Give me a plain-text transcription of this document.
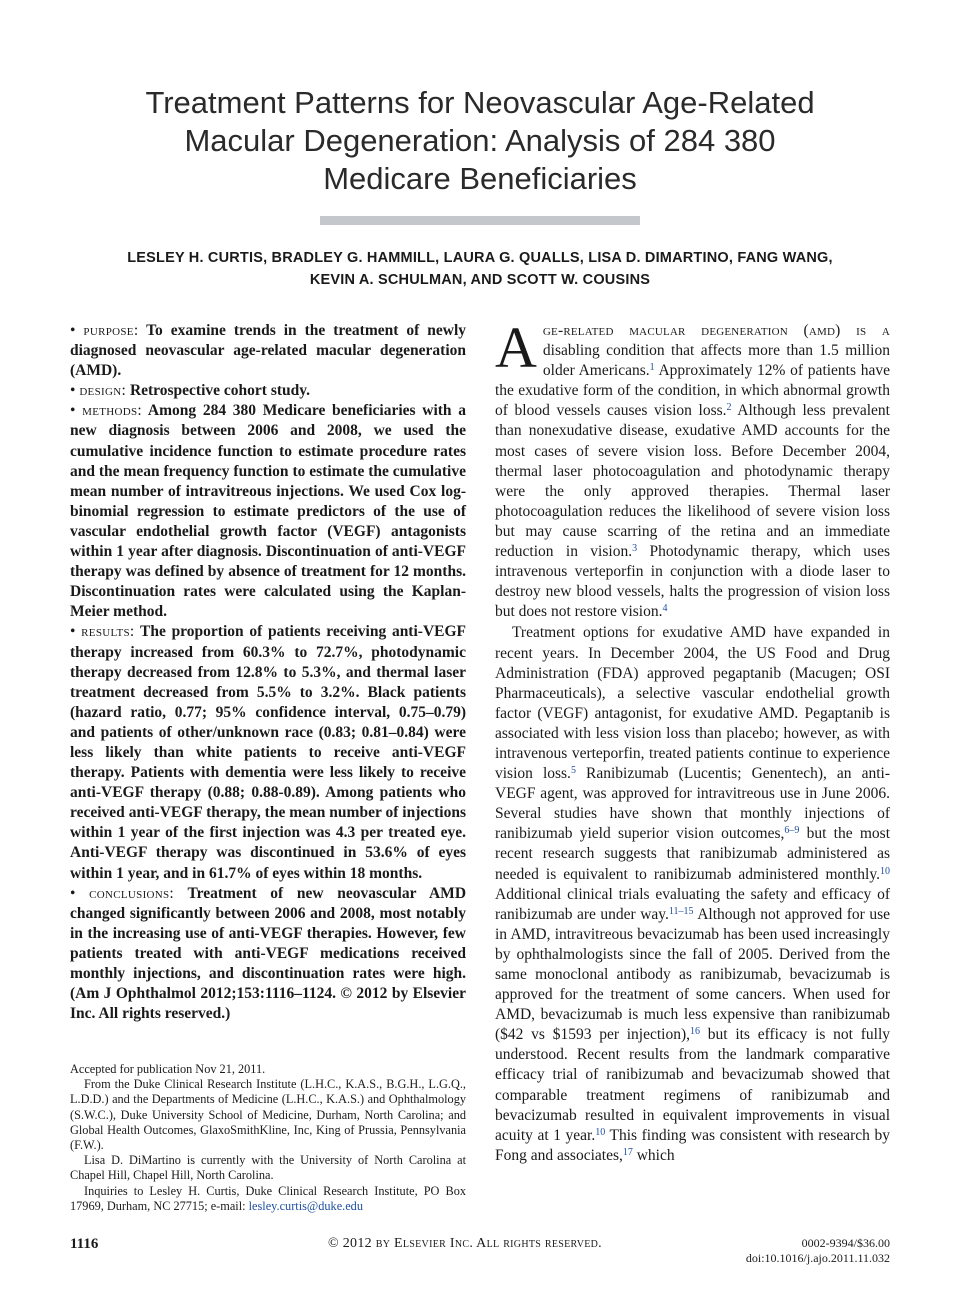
Treatment Patterns for Neovascular Age-Related
Macular Degeneration: Analysis of 284 380
Medicare Beneficiaries
LESLEY H. CURTIS, BRADLEY G. HAMMILL, LAURA G. QUALLS, LISA D. DIMARTINO, FANG WANG,
KEVIN A. SCHULMAN, AND SCOTT W. COUSINS

• purpose: To examine trends in the treatment of newly diagnosed neovascular age-related macular degeneration (AMD).

• design: Retrospective cohort study.

• methods: Among 284 380 Medicare beneficiaries with a new diagnosis between 2006 and 2008, we used the cumulative incidence function to estimate procedure rates and the mean frequency function to estimate the cumulative mean number of intravitreous injections. We used Cox log-binomial regression to estimate predictors of the use of vascular endothelial growth factor (VEGF) antagonists within 1 year after diagnosis. Discontinuation of anti-VEGF therapy was defined by absence of treatment for 12 months. Discontinuation rates were calculated using the Kaplan-Meier method.

• results: The proportion of patients receiving anti-VEGF therapy increased from 60.3% to 72.7%, photodynamic therapy decreased from 12.8% to 5.3%, and thermal laser treatment decreased from 5.5% to 3.2%. Black patients (hazard ratio, 0.77; 95% confidence interval, 0.75–0.79) and patients of other/unknown race (0.83; 0.81–0.84) were less likely than white patients to receive anti-VEGF therapy. Patients with dementia were less likely to receive anti-VEGF therapy (0.88; 0.88-0.89). Among patients who received anti-VEGF therapy, the mean number of injections within 1 year of the first injection was 4.3 per treated eye. Anti-VEGF therapy was discontinued in 53.6% of eyes within 1 year, and in 61.7% of eyes within 18 months.

• conclusions: Treatment of new neovascular AMD changed significantly between 2006 and 2008, most notably in the increasing use of anti-VEGF therapies. However, few patients treated with anti-VEGF medications received monthly injections, and discontinuation rates were high. (Am J Ophthalmol 2012;153:1116–1124. © 2012 by Elsevier Inc. All rights reserved.)

Accepted for publication Nov 21, 2011.

From the Duke Clinical Research Institute (L.H.C., K.A.S., B.G.H., L.G.Q., L.D.D.) and the Departments of Medicine (L.H.C., K.A.S.) and Ophthalmology (S.W.C.), Duke University School of Medicine, Durham, North Carolina; and Global Health Outcomes, GlaxoSmithKline, Inc, King of Prussia, Pennsylvania (F.W.).

Lisa D. DiMartino is currently with the University of North Carolina at Chapel Hill, Chapel Hill, North Carolina.

Inquiries to Lesley H. Curtis, Duke Clinical Research Institute, PO Box 17969, Durham, NC 27715; e-mail: lesley.curtis@duke.edu

Age-related macular degeneration (amd) is a disabling condition that affects more than 1.5 million older Americans.$^1$ Approximately 12% of patients have the exudative form of the condition, in which abnormal growth of blood vessels causes vision loss.$^2$ Although less prevalent than nonexudative disease, exudative AMD accounts for the most cases of severe vision loss. Before December 2004, thermal laser photocoagulation and photodynamic therapy were the only approved therapies. Thermal laser photocoagulation reduces the likelihood of severe vision loss but may cause scarring of the retina and an immediate reduction in vision.$^3$ Photodynamic therapy, which uses intravenous verteporfin in conjunction with a diode laser to destroy new blood vessels, halts the progression of vision loss but does not restore vision.$^4$

Treatment options for exudative AMD have expanded in recent years. In December 2004, the US Food and Drug Administration (FDA) approved pegaptanib (Macugen; OSI Pharmaceuticals), a selective vascular endothelial growth factor (VEGF) antagonist, for exudative AMD. Pegaptanib is associated with less vision loss than placebo; however, as with intravenous verteporfin, treated patients continue to experience vision loss.$^5$ Ranibizumab (Lucentis; Genentech), an anti-VEGF agent, was approved for intravitreous use in June 2006. Several studies have shown that monthly injections of ranibizumab yield superior vision outcomes,$^{6-9}$ but the most recent research suggests that ranibizumab administered as needed is equivalent to ranibizumab administered monthly.$^{10}$ Additional clinical trials evaluating the safety and efficacy of ranibizumab are under way.$^{11-15}$ Although not approved for use in AMD, intravitreous bevacizumab has been used increasingly by ophthalmologists since the fall of 2005. Derived from the same monoclonal antibody as ranibizumab, bevacizumab is approved for the treatment of some cancers. When used for AMD, bevacizumab is much less expensive than ranibizumab ($42 vs $1593 per injection),$^{16}$ but its efficacy is not fully understood. Recent results from the landmark comparative efficacy trial of ranibizumab and bevacizumab showed that comparable treatment regimens of ranibizumab and bevacizumab resulted in equivalent improvements in visual acuity at 1 year.$^{10}$ This finding was consistent with research by Fong and associates,$^{17}$ which

1116	© 2012 by Elsevier Inc. All rights reserved.	0002-9394/$36.00
doi:10.1016/j.ajo.2011.11.032
